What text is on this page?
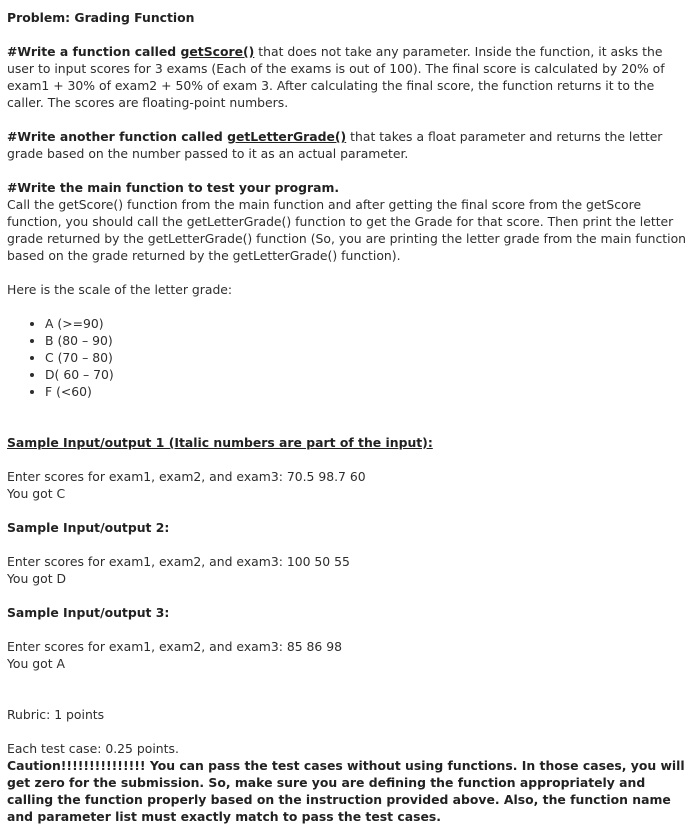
Problem: Grading Function

#Write a function called getScore() that does not take any parameter. Inside the function, it asks the user to input scores for 3 exams (Each of the exams is out of 100). The final score is calculated by 20% of exam1 + 30% of exam2 + 50% of exam 3. After calculating the final score, the function returns it to the caller. The scores are floating-point numbers.

#Write another function called getLetterGrade() that takes a float parameter and returns the letter grade based on the number passed to it as an actual parameter.

#Write the main function to test your program.

Call the getScore() function from the main function and after getting the final score from the getScore function, you should call the getLetterGrade() function to get the Grade for that score. Then print the letter grade returned by the getLetterGrade() function (So, you are printing the letter grade from the main function based on the grade returned by the getLetterGrade() function).

Here is the scale of the letter grade:

• A (>=90)
• B (80 – 90)
• C (70 – 80)
• D( 60 – 70)
• F (<60)

Sample Input/output 1 (Italic numbers are part of the input):

Enter scores for exam1, exam2, and exam3: 70.5 98.7 60

You got C

Sample Input/output 2:

Enter scores for exam1, exam2, and exam3: 100 50 55

You got D

Sample Input/output 3:

Enter scores for exam1, exam2, and exam3: 85 86 98

You got A

Rubric: 1 points

Each test case: 0.25 points.

Caution!!!!!!!!!!!!!!! You can pass the test cases without using functions. In those cases, you will get zero for the submission. So, make sure you are defining the function appropriately and calling the function properly based on the instruction provided above. Also, the function name and parameter list must exactly match to pass the test cases.
